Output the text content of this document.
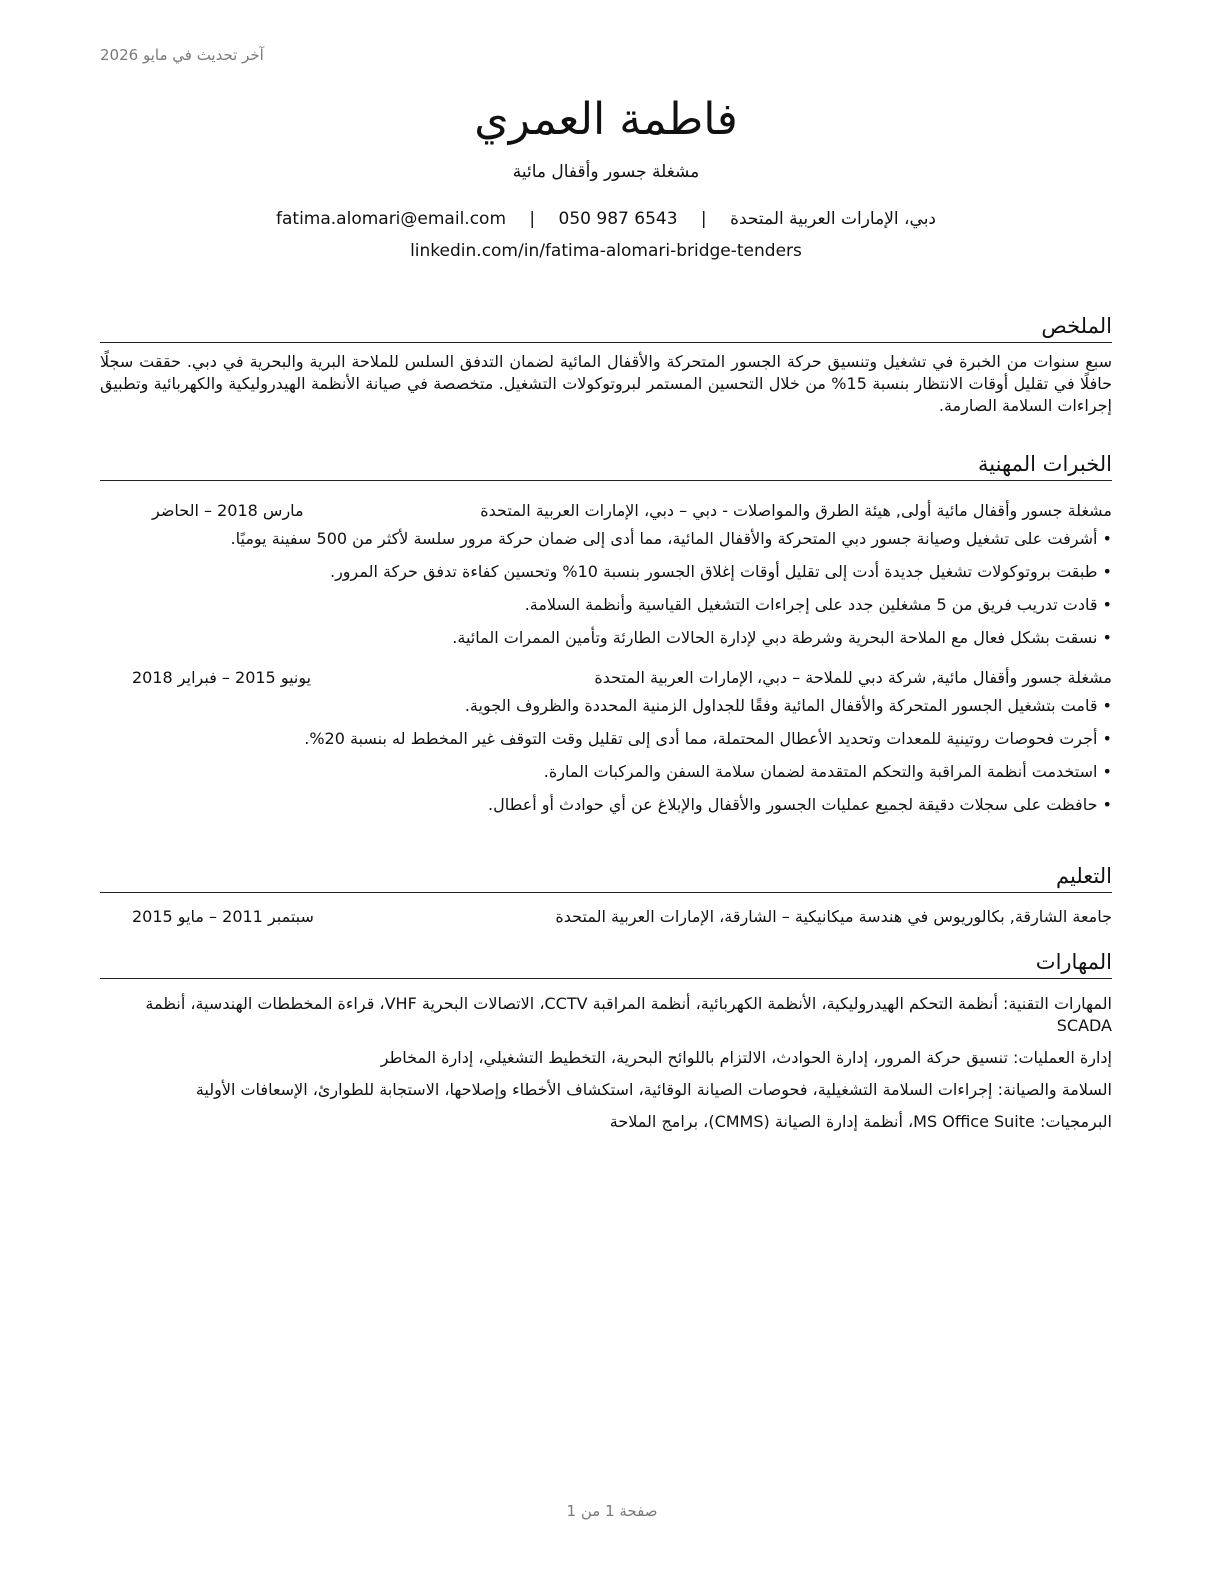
آخر تحديث في مايو 2026
فاطمة العمري
مشغلة جسور وأقفال مائية
دبي، الإمارات العربية المتحدة | fatima.alomari@email.com | 050 987 6543
linkedin.com/in/fatima-alomari-bridge-tenders
الملخص
سبع سنوات من الخبرة في تشغيل وتنسيق حركة الجسور المتحركة والأقفال المائية لضمان التدفق السلس للملاحة البرية والبحرية في دبي. حققت سجلًا حافلًا في تقليل أوقات الانتظار بنسبة 15% من خلال التحسين المستمر لبروتوكولات التشغيل. متخصصة في صيانة الأنظمة الهيدروليكية والكهربائية وتطبيق إجراءات السلامة الصارمة.
الخبرات المهنية
مشغلة جسور وأقفال مائية أولى, هيئة الطرق والمواصلات - دبي – دبي، الإمارات العربية المتحدة
مارس 2018 – الحاضر
• أشرفت على تشغيل وصيانة جسور دبي المتحركة والأقفال المائية، مما أدى إلى ضمان حركة مرور سلسة لأكثر من 500 سفينة يوميًا.
• طبقت بروتوكولات تشغيل جديدة أدت إلى تقليل أوقات إغلاق الجسور بنسبة 10% وتحسين كفاءة تدفق حركة المرور.
• قادت تدريب فريق من 5 مشغلين جدد على إجراءات التشغيل القياسية وأنظمة السلامة.
• نسقت بشكل فعال مع الملاحة البحرية وشرطة دبي لإدارة الحالات الطارئة وتأمين الممرات المائية.
مشغلة جسور وأقفال مائية, شركة دبي للملاحة – دبي،
الإمارات العربية المتحدة
يونيو 2015 – فبراير 2018
• قامت بتشغيل الجسور المتحركة والأقفال المائية وفقًا للجداول الزمنية المحددة والظروف الجوية.
• أجرت فحوصات روتينية للمعدات وتحديد الأعطال المحتملة، مما أدى إلى تقليل وقت التوقف غير المخطط له بنسبة 20%.
• استخدمت أنظمة المراقبة والتحكم المتقدمة لضمان سلامة السفن والمركبات المارة.
• حافظت على سجلات دقيقة لجميع عمليات الجسور والأقفال والإبلاغ عن أي حوادث أو أعطال.
التعليم
جامعة الشارقة, بكالوريوس في هندسة ميكانيكية – الشارقة، الإمارات العربية المتحدة
سبتمبر 2011 – مايو 2015
المهارات
المهارات التقنية: أنظمة التحكم الهيدروليكية، الأنظمة الكهربائية، أنظمة المراقبة CCTV، الاتصالات البحرية VHF، قراءة المخططات الهندسية، أنظمة SCADA
إدارة العمليات: تنسيق حركة المرور، إدارة الحوادث، الالتزام باللوائح البحرية، التخطيط التشغيلي، إدارة المخاطر
السلامة والصيانة: إجراءات السلامة التشغيلية، فحوصات الصيانة الوقائية، استكشاف الأخطاء وإصلاحها، الاستجابة للطوارئ، الإسعافات الأولية
البرمجيات: MS Office Suite، أنظمة إدارة الصيانة (CMMS)، برامج الملاحة
صفحة 1 من 1
